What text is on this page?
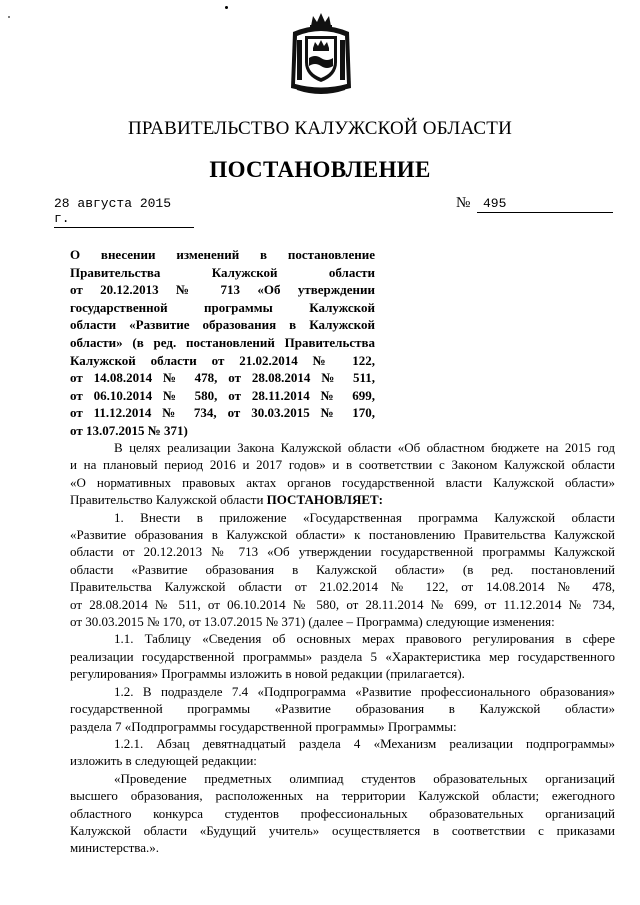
ПРАВИТЕЛЬСТВО КАЛУЖСКОЙ ОБЛАСТИ
ПОСТАНОВЛЕНИЕ
28 августа 2015 г.
№ 495
О внесении изменений в постановление
Правительства Калужской области
от 20.12.2013 № 713 «Об утверждении
государственной программы Калужской
области «Развитие образования в Калужской
области» (в ред. постановлений Правительства
Калужской области от 21.02.2014 № 122,
от 14.08.2014 № 478, от 28.08.2014 № 511,
от 06.10.2014 № 580, от 28.11.2014 № 699,
от 11.12.2014 № 734, от 30.03.2015 № 170,
от 13.07.2015 № 371)
В целях реализации Закона Калужской области «Об областном бюджете на 2015 год
и на плановый период 2016 и 2017 годов» и в соответствии с Законом Калужской области
«О нормативных правовых актах органов государственной власти Калужской области»
Правительство Калужской области ПОСТАНОВЛЯЕТ:
1. Внести в приложение «Государственная программа Калужской области
«Развитие образования в Калужской области» к постановлению Правительства Калужской
области от 20.12.2013 № 713 «Об утверждении государственной программы Калужской
области «Развитие образования в Калужской области» (в ред. постановлений
Правительства Калужской области от 21.02.2014 № 122, от 14.08.2014 № 478,
от 28.08.2014 № 511, от 06.10.2014 № 580, от 28.11.2014 № 699, от 11.12.2014 № 734,
от 30.03.2015 № 170, от 13.07.2015 № 371) (далее – Программа) следующие изменения:
1.1. Таблицу «Сведения об основных мерах правового регулирования в сфере
реализации государственной программы» раздела 5 «Характеристика мер государственного
регулирования» Программы изложить в новой редакции (прилагается).
1.2. В подразделе 7.4 «Подпрограмма «Развитие профессионального образования»
государственной программы «Развитие образования в Калужской области»
раздела 7 «Подпрограммы государственной программы» Программы:
1.2.1. Абзац девятнадцатый раздела 4 «Механизм реализации подпрограммы»
изложить в следующей редакции:
«Проведение предметных олимпиад студентов образовательных организаций
высшего образования, расположенных на территории Калужской области; ежегодного
областного конкурса студентов профессиональных образовательных организаций
Калужской области «Будущий учитель» осуществляется в соответствии с приказами
министерства.».
